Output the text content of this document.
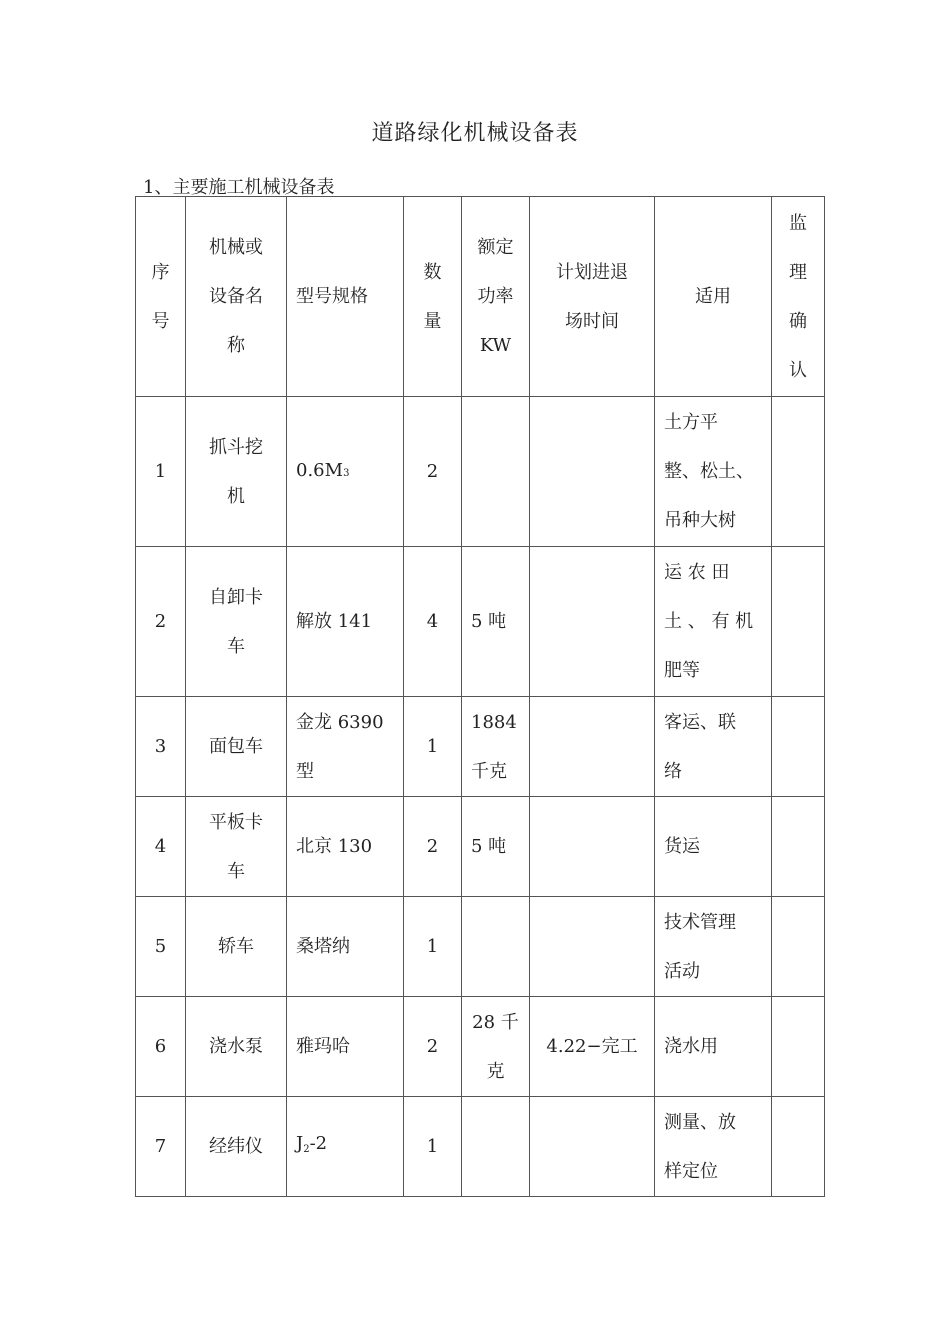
道路绿化机械设备表
1、主要施工机械设备表
序
号	机械或
设备名
称	型号规格	数
量	额定
功率
KW	计划进退
场时间	适用	监
理
确
认

1	抓斗挖
机	0.6M3	2			土方平
整、松土、
吊种大树	

2	自卸卡
车	解放 141	4	5 吨		运 农 田
土 、 有 机
肥等	

3	面包车	金龙 6390
型	1	1884
千克		客运、联
络	

4	平板卡
车	北京 130	2	5 吨		货运	
5	轿车	桑塔纳	1			技术管理
活动	

6	浇水泵	雅玛哈	2	28 千
克	4.22−完工	浇水用	
7	经纬仪	$J_2-2$	1			测量、放
样定位	
